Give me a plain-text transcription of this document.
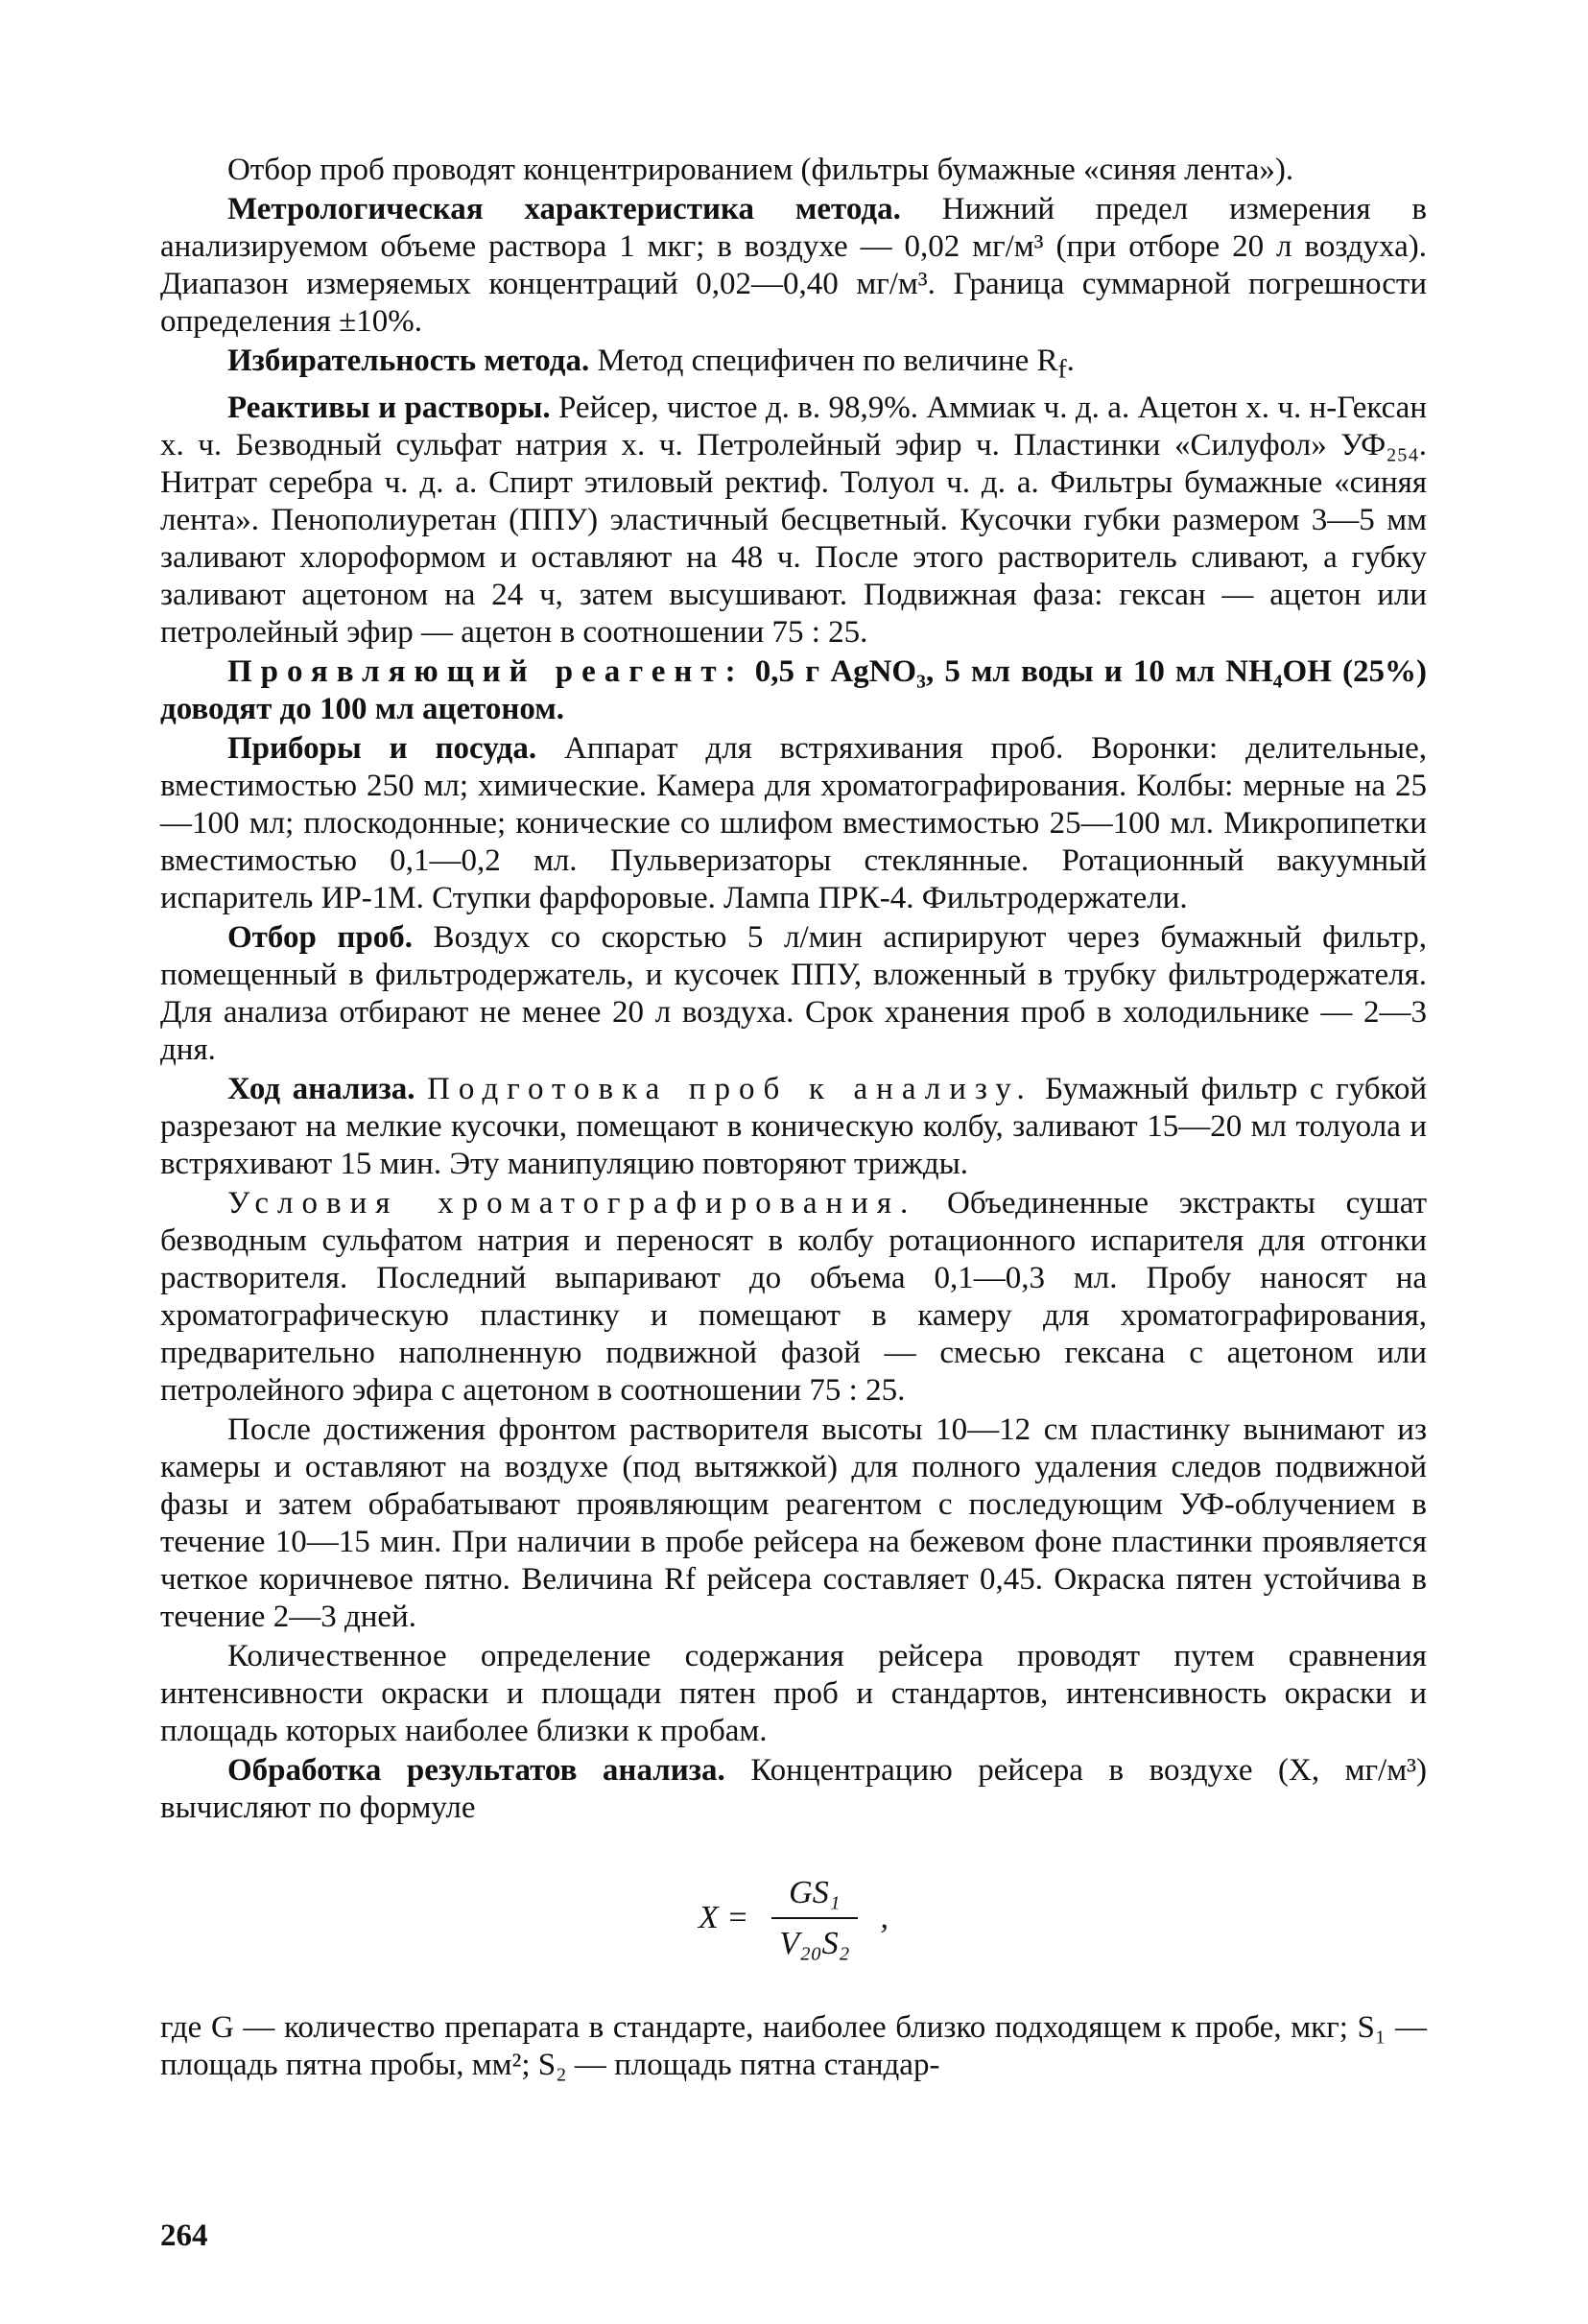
Отбор проб проводят концентрированием (фильтры бумажные «синяя лента»).

Метрологическая характеристика метода. Нижний предел измерения в анализируемом объеме раствора 1 мкг; в воздухе — 0,02 мг/м³ (при отборе 20 л воздуха). Диапазон измеряемых концентраций 0,02—0,40 мг/м³. Граница суммарной погрешности определения ±10%.

Избирательность метода. Метод специфичен по величине $R_f$.

Реактивы и растворы. Рейсер, чистое д. в. 98,9%. Аммиак ч. д. а. Ацетон х. ч. н-Гексан х. ч. Безводный сульфат натрия х. ч. Петролейный эфир ч. Пластинки «Силуфол» УФ₂₅₄. Нитрат серебра ч. д. а. Спирт этиловый ректиф. Толуол ч. д. а. Фильтры бумажные «синяя лента». Пенополиуретан (ППУ) эластичный бесцветный. Кусочки губки размером 3—5 мм заливают хлороформом и оставляют на 48 ч. После этого растворитель сливают, а губку заливают ацетоном на 24 ч, затем высушивают. Подвижная фаза: гексан — ацетон или петролейный эфир — ацетон в соотношении 75 : 25.

Проявляющий реагент: 0,5 г AgNO₃, 5 мл воды и 10 мл NH₄OH (25%) доводят до 100 мл ацетоном.

Приборы и посуда. Аппарат для встряхивания проб. Воронки: делительные, вместимостью 250 мл; химические. Камера для хроматографирования. Колбы: мерные на 25—100 мл; плоскодонные; конические со шлифом вместимостью 25—100 мл. Микропипетки вместимостью 0,1—0,2 мл. Пульверизаторы стеклянные. Ротационный вакуумный испаритель ИР-1М. Ступки фарфоровые. Лампа ПРК-4. Фильтродержатели.

Отбор проб. Воздух со скорстью 5 л/мин аспирируют через бумажный фильтр, помещенный в фильтродержатель, и кусочек ППУ, вложенный в трубку фильтродержателя. Для анализа отбирают не менее 20 л воздуха. Срок хранения проб в холодильнике — 2—3 дня.

Ход анализа. Подготовка проб к анализу. Бумажный фильтр с губкой разрезают на мелкие кусочки, помещают в коническую колбу, заливают 15—20 мл толуола и встряхивают 15 мин. Эту манипуляцию повторяют трижды.

Условия хроматографирования. Объединенные экстракты сушат безводным сульфатом натрия и переносят в колбу ротационного испарителя для отгонки растворителя. Последний выпаривают до объема 0,1—0,3 мл. Пробу наносят на хроматографическую пластинку и помещают в камеру для хроматографирования, предварительно наполненную подвижной фазой — смесью гексана с ацетоном или петролейного эфира с ацетоном в соотношении 75 : 25.

После достижения фронтом растворителя высоты 10—12 см пластинку вынимают из камеры и оставляют на воздухе (под вытяжкой) для полного удаления следов подвижной фазы и затем обрабатывают проявляющим реагентом с последующим УФ-облучением в течение 10—15 мин. При наличии в пробе рейсера на бежевом фоне пластинки проявляется четкое коричневое пятно. Величина Rf рейсера составляет 0,45. Окраска пятен устойчива в течение 2—3 дней.

Количественное определение содержания рейсера проводят путем сравнения интенсивности окраски и площади пятен проб и стандартов, интенсивность окраски и площадь которых наиболее близки к пробам.

Обработка результатов анализа. Концентрацию рейсера в воздухе (X, мг/м³) вычисляют по формуле

$X = \frac{\text{GS₁}}{\text{V₂₀S₂}}$ ,

где G — количество препарата в стандарте, наиболее близко подходящем к пробе, мкг; S₁ — площадь пятна пробы, мм²; S₂ — площадь пятна стандар-

264
